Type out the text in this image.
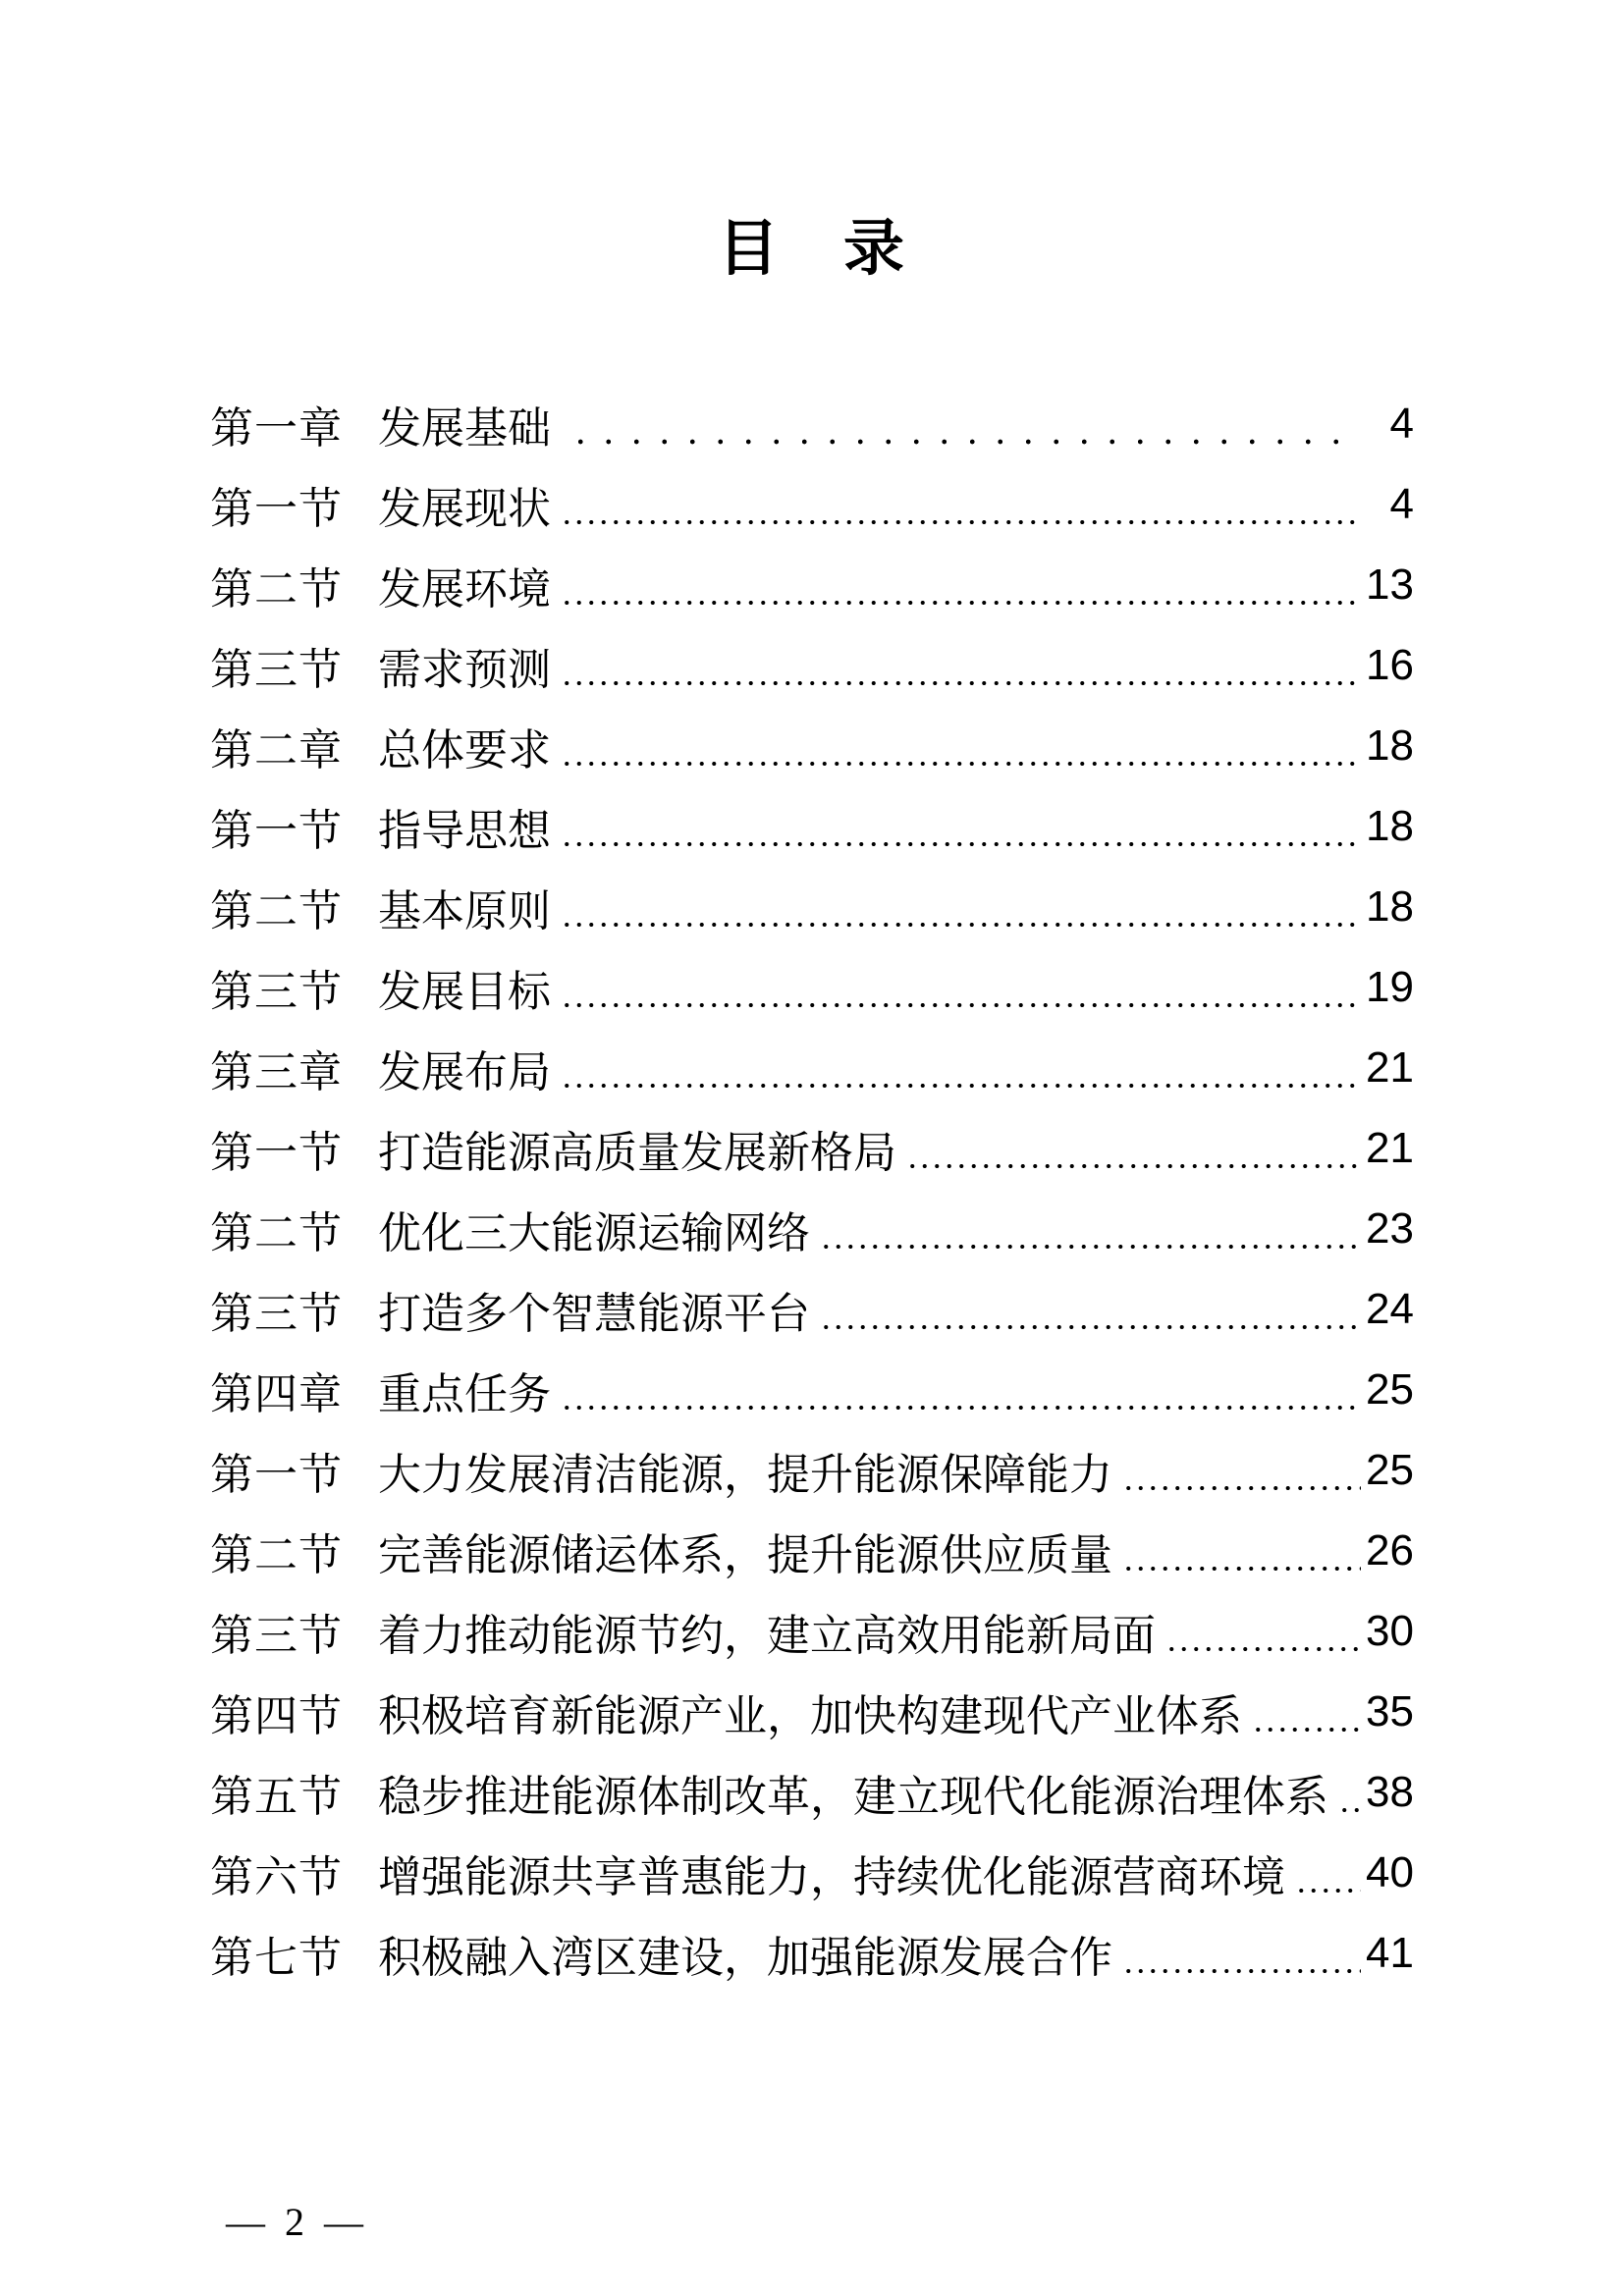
目　录
第一章 发展基础	4
第一节 发展现状	4
第二节 发展环境	13
第三节 需求预测	16
第二章 总体要求	18
第一节 指导思想	18
第二节 基本原则	18
第三节 发展目标	19
第三章 发展布局	21
第一节 打造能源高质量发展新格局	21
第二节 优化三大能源运输网络	23
第三节 打造多个智慧能源平台	24
第四章 重点任务	25
第一节 大力发展清洁能源，提升能源保障能力	25
第二节 完善能源储运体系，提升能源供应质量	26
第三节 着力推动能源节约，建立高效用能新局面	30
第四节 积极培育新能源产业，加快构建现代产业体系	35
第五节 稳步推进能源体制改革，建立现代化能源治理体系 38
第六节 增强能源共享普惠能力，持续优化能源营商环境 40
第七节 积极融入湾区建设，加强能源发展合作	41
— 2 —
